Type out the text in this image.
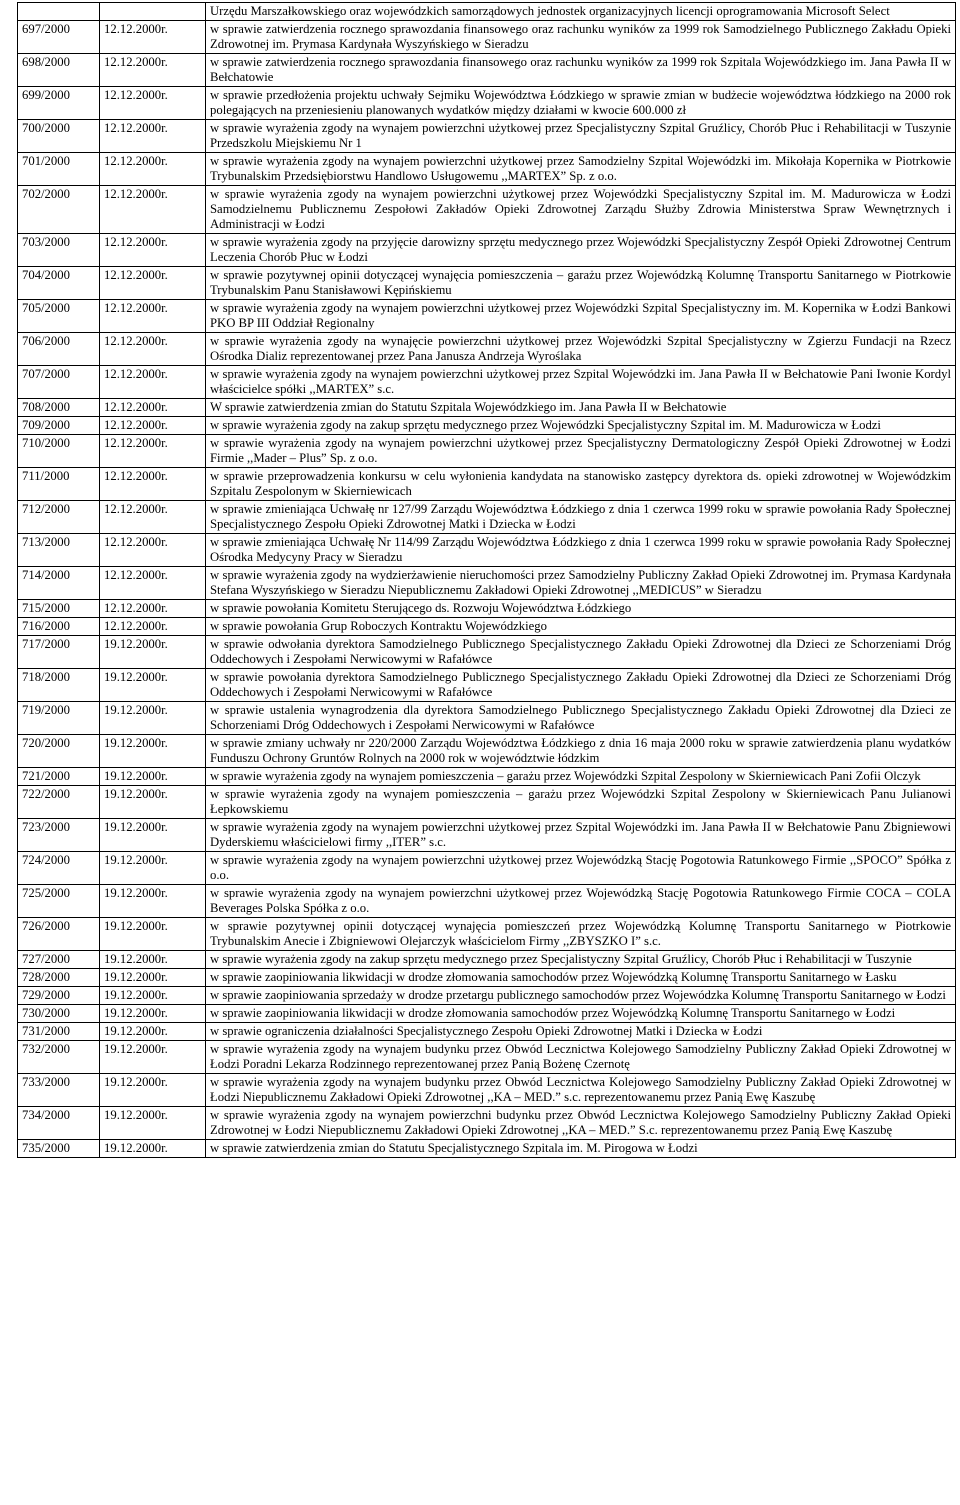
		Urzędu Marszałkowskiego oraz wojewódzkich samorządowych jednostek organizacyjnych licencji oprogramowania Microsoft Select
697/2000	12.12.2000r.	w sprawie zatwierdzenia rocznego sprawozdania finansowego oraz rachunku wyników za 1999 rok Samodzielnego Publicznego Zakładu Opieki Zdrowotnej im. Prymasa Kardynała Wyszyńskiego w Sieradzu
698/2000	12.12.2000r.	w sprawie zatwierdzenia rocznego sprawozdania finansowego oraz rachunku wyników za 1999 rok Szpitala Wojewódzkiego im. Jana Pawła II w Bełchatowie
699/2000	12.12.2000r.	w sprawie przedłożenia projektu uchwały Sejmiku Województwa Łódzkiego w sprawie zmian w budżecie województwa łódzkiego na 2000 rok polegających na przeniesieniu planowanych wydatków między działami w kwocie 600.000 zł
700/2000	12.12.2000r.	w sprawie wyrażenia zgody na wynajem powierzchni użytkowej przez Specjalistyczny Szpital Gruźlicy, Chorób Płuc i Rehabilitacji w Tuszynie Przedszkolu Miejskiemu Nr 1
701/2000	12.12.2000r.	w sprawie wyrażenia zgody na wynajem powierzchni użytkowej przez Samodzielny Szpital Wojewódzki im. Mikołaja Kopernika w Piotrkowie Trybunalskim Przedsiębiorstwu Handlowo Usługowemu ,,MARTEX” Sp. z o.o.
702/2000	12.12.2000r.	w sprawie wyrażenia zgody na wynajem powierzchni użytkowej przez Wojewódzki Specjalistyczny Szpital im. M. Madurowicza w Łodzi Samodzielnemu Publicznemu Zespołowi Zakładów Opieki Zdrowotnej Zarządu Służby Zdrowia Ministerstwa Spraw Wewnętrznych i Administracji w Łodzi
703/2000	12.12.2000r.	w sprawie wyrażenia zgody na przyjęcie darowizny sprzętu medycznego przez Wojewódzki Specjalistyczny Zespół Opieki Zdrowotnej Centrum Leczenia Chorób Płuc w Łodzi
704/2000	12.12.2000r.	w sprawie pozytywnej opinii dotyczącej wynajęcia pomieszczenia – garażu przez Wojewódzką Kolumnę Transportu Sanitarnego w Piotrkowie Trybunalskim Panu Stanisławowi Kępińskiemu
705/2000	12.12.2000r.	w sprawie wyrażenia zgody na wynajem powierzchni użytkowej przez Wojewódzki Szpital Specjalistyczny im. M. Kopernika w Łodzi Bankowi PKO BP III Oddział Regionalny
706/2000	12.12.2000r.	w sprawie wyrażenia zgody na wynajęcie powierzchni użytkowej przez Wojewódzki Szpital Specjalistyczny w Zgierzu Fundacji na Rzecz Ośrodka Dializ reprezentowanej przez Pana Janusza Andrzeja Wyroślaka
707/2000	12.12.2000r.	w sprawie wyrażenia zgody na wynajem powierzchni użytkowej przez Szpital Wojewódzki im. Jana Pawła II w Bełchatowie Pani Iwonie Kordyl właścicielce spółki ,,MARTEX” s.c.
708/2000	12.12.2000r.	W sprawie zatwierdzenia zmian do Statutu Szpitala Wojewódzkiego im. Jana Pawła II w Bełchatowie
709/2000	12.12.2000r.	w sprawie wyrażenia zgody na zakup sprzętu medycznego przez Wojewódzki Specjalistyczny Szpital im. M. Madurowicza w Łodzi
710/2000	12.12.2000r.	w sprawie wyrażenia zgody na wynajem powierzchni użytkowej przez Specjalistyczny Dermatologiczny Zespół Opieki Zdrowotnej w Łodzi Firmie ,,Mader – Plus” Sp. z o.o.
711/2000	12.12.2000r.	w sprawie przeprowadzenia konkursu w celu wyłonienia kandydata na stanowisko zastępcy dyrektora ds. opieki zdrowotnej w Wojewódzkim Szpitalu Zespolonym w Skierniewicach
712/2000	12.12.2000r.	w sprawie zmieniająca Uchwałę nr 127/99 Zarządu Województwa Łódzkiego z dnia 1 czerwca 1999 roku w sprawie powołania Rady Społecznej Specjalistycznego Zespołu Opieki Zdrowotnej Matki i Dziecka w Łodzi
713/2000	12.12.2000r.	w sprawie zmieniająca Uchwałę Nr 114/99 Zarządu Województwa Łódzkiego z dnia 1 czerwca 1999 roku w sprawie powołania Rady Społecznej Ośrodka Medycyny Pracy w Sieradzu
714/2000	12.12.2000r.	w sprawie wyrażenia zgody na wydzierżawienie nieruchomości przez Samodzielny Publiczny Zakład Opieki Zdrowotnej im. Prymasa Kardynała Stefana Wyszyńskiego w Sieradzu Niepublicznemu Zakładowi Opieki Zdrowotnej ,,MEDICUS” w Sieradzu
715/2000	12.12.2000r.	w sprawie powołania Komitetu Sterującego ds. Rozwoju Województwa Łódzkiego
716/2000	12.12.2000r.	w sprawie powołania Grup Roboczych Kontraktu Wojewódzkiego
717/2000	19.12.2000r.	w sprawie odwołania dyrektora Samodzielnego Publicznego Specjalistycznego Zakładu Opieki Zdrowotnej dla Dzieci ze Schorzeniami Dróg Oddechowych i Zespołami Nerwicowymi w Rafałówce
718/2000	19.12.2000r.	w sprawie powołania dyrektora Samodzielnego Publicznego Specjalistycznego Zakładu Opieki Zdrowotnej dla Dzieci ze Schorzeniami Dróg Oddechowych i Zespołami Nerwicowymi w Rafałówce
719/2000	19.12.2000r.	w sprawie ustalenia wynagrodzenia dla dyrektora Samodzielnego Publicznego Specjalistycznego Zakładu Opieki Zdrowotnej dla Dzieci ze Schorzeniami Dróg Oddechowych i Zespołami Nerwicowymi w Rafałówce
720/2000	19.12.2000r.	w sprawie zmiany uchwały nr 220/2000 Zarządu Województwa Łódzkiego z dnia 16 maja 2000 roku w sprawie zatwierdzenia planu wydatków Funduszu Ochrony Gruntów Rolnych na 2000 rok w województwie łódzkim
721/2000	19.12.2000r.	w sprawie wyrażenia zgody na wynajem pomieszczenia – garażu przez Wojewódzki Szpital Zespolony w Skierniewicach Pani Zofii Olczyk
722/2000	19.12.2000r.	w sprawie wyrażenia zgody na wynajem pomieszczenia – garażu przez Wojewódzki Szpital Zespolony w Skierniewicach Panu Julianowi Łepkowskiemu
723/2000	19.12.2000r.	w sprawie wyrażenia zgody na wynajem powierzchni użytkowej przez Szpital Wojewódzki im. Jana Pawła II w Bełchatowie Panu Zbigniewowi Dyderskiemu właścicielowi firmy ,,ITER” s.c.
724/2000	19.12.2000r.	w sprawie wyrażenia zgody na wynajem powierzchni użytkowej przez Wojewódzką Stację Pogotowia Ratunkowego Firmie ,,SPOCO” Spółka z o.o.
725/2000	19.12.2000r.	w sprawie wyrażenia zgody na wynajem powierzchni użytkowej przez Wojewódzką Stację Pogotowia Ratunkowego Firmie COCA – COLA Beverages Polska Spółka z o.o.
726/2000	19.12.2000r.	w sprawie pozytywnej opinii dotyczącej wynajęcia pomieszczeń przez Wojewódzką Kolumnę Transportu Sanitarnego w Piotrkowie Trybunalskim Anecie i Zbigniewowi Olejarczyk właścicielom Firmy ,,ZBYSZKO I” s.c.
727/2000	19.12.2000r.	w sprawie wyrażenia zgody na zakup sprzętu medycznego przez Specjalistyczny Szpital Gruźlicy, Chorób Płuc i Rehabilitacji w Tuszynie
728/2000	19.12.2000r.	w sprawie zaopiniowania likwidacji w drodze złomowania samochodów przez Wojewódzką Kolumnę Transportu Sanitarnego w Łasku
729/2000	19.12.2000r.	w sprawie zaopiniowania sprzedaży w drodze przetargu publicznego samochodów przez Wojewódzka Kolumnę Transportu Sanitarnego w Łodzi
730/2000	19.12.2000r.	w sprawie zaopiniowania likwidacji w drodze złomowania samochodów przez Wojewódzką Kolumnę Transportu Sanitarnego w Łodzi
731/2000	19.12.2000r.	w sprawie ograniczenia działalności Specjalistycznego Zespołu Opieki Zdrowotnej Matki i Dziecka w Łodzi
732/2000	19.12.2000r.	w sprawie wyrażenia zgody na wynajem budynku przez Obwód Lecznictwa Kolejowego Samodzielny Publiczny Zakład Opieki Zdrowotnej w Łodzi Poradni Lekarza Rodzinnego reprezentowanej przez Panią Bożenę Czernotę
733/2000	19.12.2000r.	w sprawie wyrażenia zgody na wynajem budynku przez Obwód Lecznictwa Kolejowego Samodzielny Publiczny Zakład Opieki Zdrowotnej w Łodzi Niepublicznemu Zakładowi Opieki Zdrowotnej ,,KA – MED.” s.c. reprezentowanemu przez Panią Ewę Kaszubę
734/2000	19.12.2000r.	w sprawie wyrażenia zgody na wynajem powierzchni budynku przez Obwód Lecznictwa Kolejowego Samodzielny Publiczny Zakład Opieki Zdrowotnej w Łodzi Niepublicznemu Zakładowi Opieki Zdrowotnej ,,KA – MED.” S.c. reprezentowanemu przez Panią Ewę Kaszubę
735/2000	19.12.2000r.	w sprawie zatwierdzenia zmian do Statutu Specjalistycznego Szpitala im. M. Pirogowa w Łodzi
